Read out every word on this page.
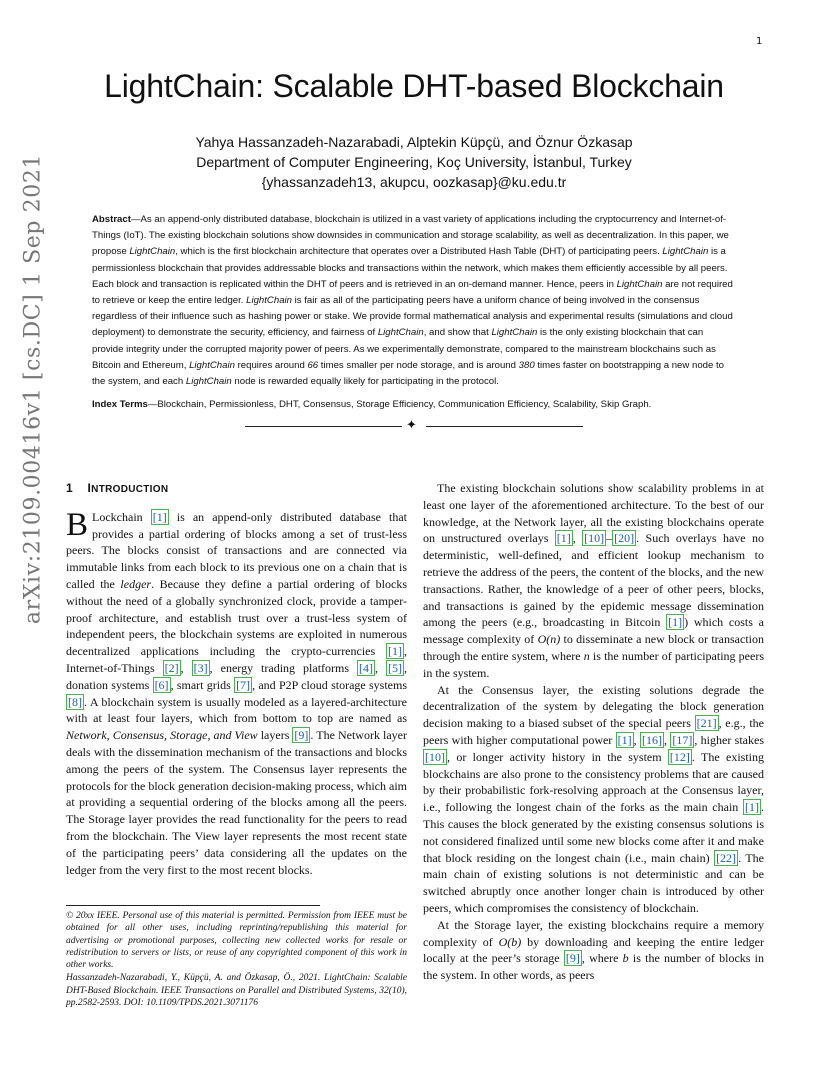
1
arXiv:2109.00416v1 [cs.DC] 1 Sep 2021
LightChain: Scalable DHT-based Blockchain
Yahya Hassanzadeh-Nazarabadi, Alptekin Küpçü, and Öznur Özkasap
Department of Computer Engineering, Koç University, İstanbul, Turkey
{yhassanzadeh13, akupcu, oozkasap}@ku.edu.tr

Abstract—As an append-only distributed database, blockchain is utilized in a vast variety of applications including the cryptocurrency and Internet-of-Things (IoT). The existing blockchain solutions show downsides in communication and storage scalability, as well as decentralization. In this paper, we propose LightChain, which is the first blockchain architecture that operates over a Distributed Hash Table (DHT) of participating peers. LightChain is a permissionless blockchain that provides addressable blocks and transactions within the network, which makes them efficiently accessible by all peers. Each block and transaction is replicated within the DHT of peers and is retrieved in an on-demand manner. Hence, peers in LightChain are not required to retrieve or keep the entire ledger. LightChain is fair as all of the participating peers have a uniform chance of being involved in the consensus regardless of their influence such as hashing power or stake. We provide formal mathematical analysis and experimental results (simulations and cloud deployment) to demonstrate the security, efficiency, and fairness of LightChain, and show that LightChain is the only existing blockchain that can provide integrity under the corrupted majority power of peers. As we experimentally demonstrate, compared to the mainstream blockchains such as Bitcoin and Ethereum, LightChain requires around 66 times smaller per node storage, and is around 380 times faster on bootstrapping a new node to the system, and each LightChain node is rewarded equally likely for participating in the protocol.

Index Terms—Blockchain, Permissionless, DHT, Consensus, Storage Efficiency, Communication Efficiency, Scalability, Skip Graph.
✦
1 INTRODUCTION

B Lockchain [1] is an append-only distributed database that provides a partial ordering of blocks among a set of trust-less peers. The blocks consist of transactions and are connected via immutable links from each block to its previous one on a chain that is called the ledger. Because they define a partial ordering of blocks without the need of a globally synchronized clock, provide a tamper-proof architecture, and establish trust over a trust-less system of independent peers, the blockchain systems are exploited in numerous decentralized applications including the crypto-currencies [1] , Internet-of-Things [2] , [3] , energy trading platforms [4] , [5] , donation systems [6] , smart grids [7] , and P2P cloud storage systems [8] . A blockchain system is usually modeled as a layered-architecture with at least four layers, which from bottom to top are named as Network, Consensus, Storage, and View layers [9] . The Network layer deals with the dissemination mechanism of the transactions and blocks among the peers of the system. The Consensus layer represents the protocols for the block generation decision-making process, which aim at providing a sequential ordering of the blocks among all the peers. The Storage layer provides the read functionality for the peers to read from the blockchain. The View layer represents the most recent state of the participating peers’ data considering all the updates on the ledger from the very first to the most recent blocks.

© 20xx IEEE. Personal use of this material is permitted. Permission from IEEE must be obtained for all other uses, including reprinting/republishing this material for advertising or promotional purposes, collecting new collected works for resale or redistribution to servers or lists, or reuse of any copyrighted component of this work in other works.

Hassanzadeh-Nazarabadi, Y., Küpçü, A. and Özkasap, Ö., 2021. LightChain: Scalable DHT-Based Blockchain. IEEE Transactions on Parallel and Distributed Systems, 32(10), pp.2582-2593. DOI: 10.1109/TPDS.2021.3071176

The existing blockchain solutions show scalability problems in at least one layer of the aforementioned architecture. To the best of our knowledge, at the Network layer, all the existing blockchains operate on unstructured overlays [1] , [10] – [20] . Such overlays have no deterministic, well-defined, and efficient lookup mechanism to retrieve the address of the peers, the content of the blocks, and the new transactions. Rather, the knowledge of a peer of other peers, blocks, and transactions is gained by the epidemic message dissemination among the peers (e.g., broadcasting in Bitcoin [1] ) which costs a message complexity of O(n) to disseminate a new block or transaction through the entire system, where n is the number of participating peers in the system.

At the Consensus layer, the existing solutions degrade the decentralization of the system by delegating the block generation decision making to a biased subset of the special peers [21] , e.g., the peers with higher computational power [1] , [16] , [17] , higher stakes [10] , or longer activity history in the system [12] . The existing blockchains are also prone to the consistency problems that are caused by their probabilistic fork-resolving approach at the Consensus layer, i.e., following the longest chain of the forks as the main chain [1] . This causes the block generated by the existing consensus solutions is not considered finalized until some new blocks come after it and make that block residing on the longest chain (i.e., main chain) [22] . The main chain of existing solutions is not deterministic and can be switched abruptly once another longer chain is introduced by other peers, which compromises the consistency of blockchain.

At the Storage layer, the existing blockchains require a memory complexity of O(b) by downloading and keeping the entire ledger locally at the peer’s storage [9] , where b is the number of blocks in the system. In other words, as peers
